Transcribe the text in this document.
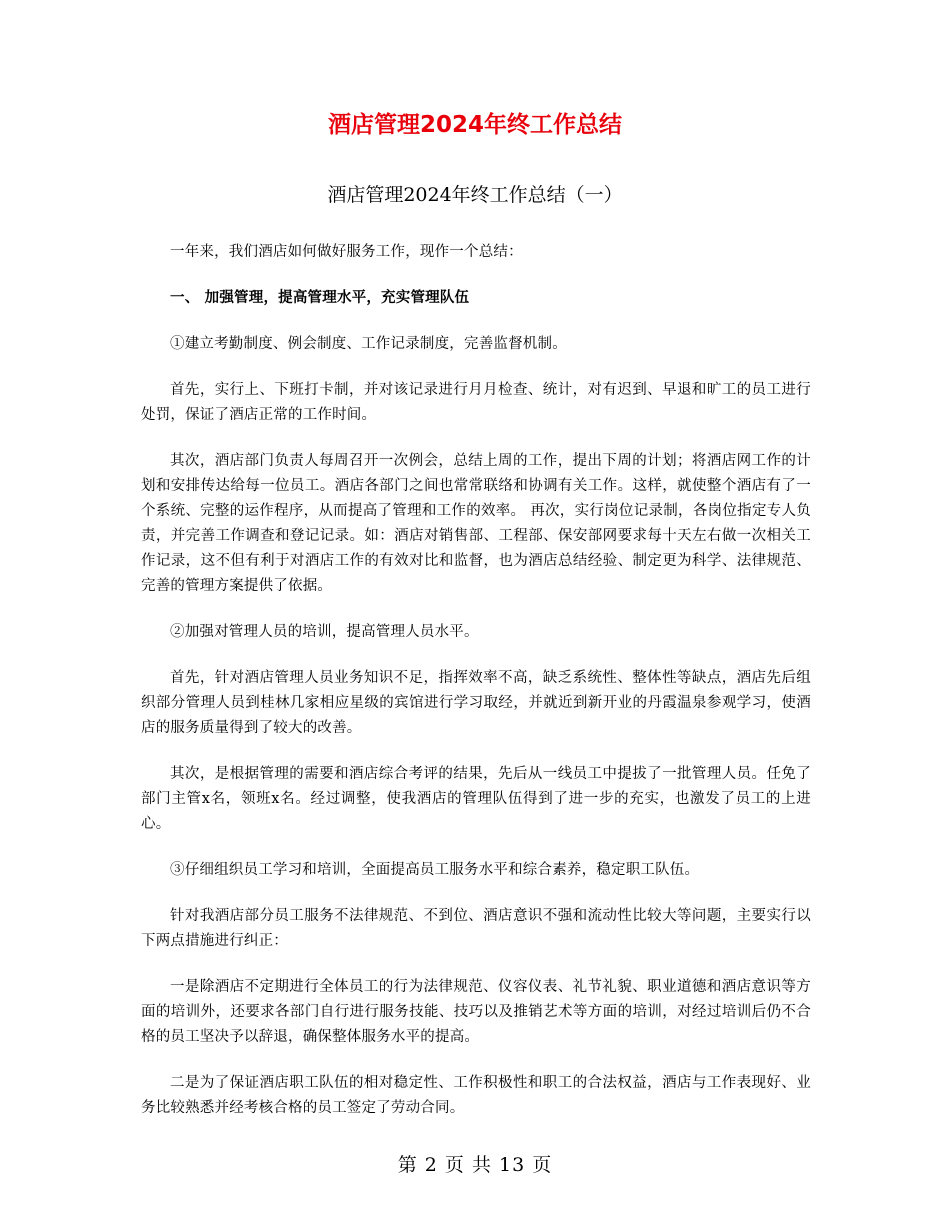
酒店管理2024年终工作总结
酒店管理2024年终工作总结（一）

一年来，我们酒店如何做好服务工作，现作一个总结：

一、 加强管理，提高管理水平，充实管理队伍

①建立考勤制度、例会制度、工作记录制度，完善监督机制。

首先，实行上、下班打卡制，并对该记录进行月月检查、统计，对有迟到、早退和旷工的员工进行处罚，保证了酒店正常的工作时间。

其次，酒店部门负责人每周召开一次例会，总结上周的工作，提出下周的计划；将酒店网工作的计划和安排传达给每一位员工。酒店各部门之间也常常联络和协调有关工作。这样，就使整个酒店有了一个系统、完整的运作程序，从而提高了管理和工作的效率。 再次，实行岗位记录制，各岗位指定专人负责，并完善工作调查和登记记录。如：酒店对销售部、工程部、保安部网要求每十天左右做一次相关工作记录，这不但有利于对酒店工作的有效对比和监督，也为酒店总结经验、制定更为科学、法律规范、完善的管理方案提供了依据。

②加强对管理人员的培训，提高管理人员水平。

首先，针对酒店管理人员业务知识不足，指挥效率不高，缺乏系统性、整体性等缺点，酒店先后组织部分管理人员到桂林几家相应星级的宾馆进行学习取经，并就近到新开业的丹霞温泉参观学习，使酒店的服务质量得到了较大的改善。

其次，是根据管理的需要和酒店综合考评的结果，先后从一线员工中提拔了一批管理人员。任免了部门主管x名，领班x名。经过调整，使我酒店的管理队伍得到了进一步的充实，也激发了员工的上进心。

③仔细组织员工学习和培训，全面提高员工服务水平和综合素养，稳定职工队伍。

针对我酒店部分员工服务不法律规范、不到位、酒店意识不强和流动性比较大等问题，主要实行以下两点措施进行纠正：

一是除酒店不定期进行全体员工的行为法律规范、仪容仪表、礼节礼貌、职业道德和酒店意识等方面的培训外，还要求各部门自行进行服务技能、技巧以及推销艺术等方面的培训，对经过培训后仍不合格的员工坚决予以辞退，确保整体服务水平的提高。

二是为了保证酒店职工队伍的相对稳定性、工作积极性和职工的合法权益，酒店与工作表现好、业务比较熟悉并经考核合格的员工签定了劳动合同。

第 2 页 共 13 页
